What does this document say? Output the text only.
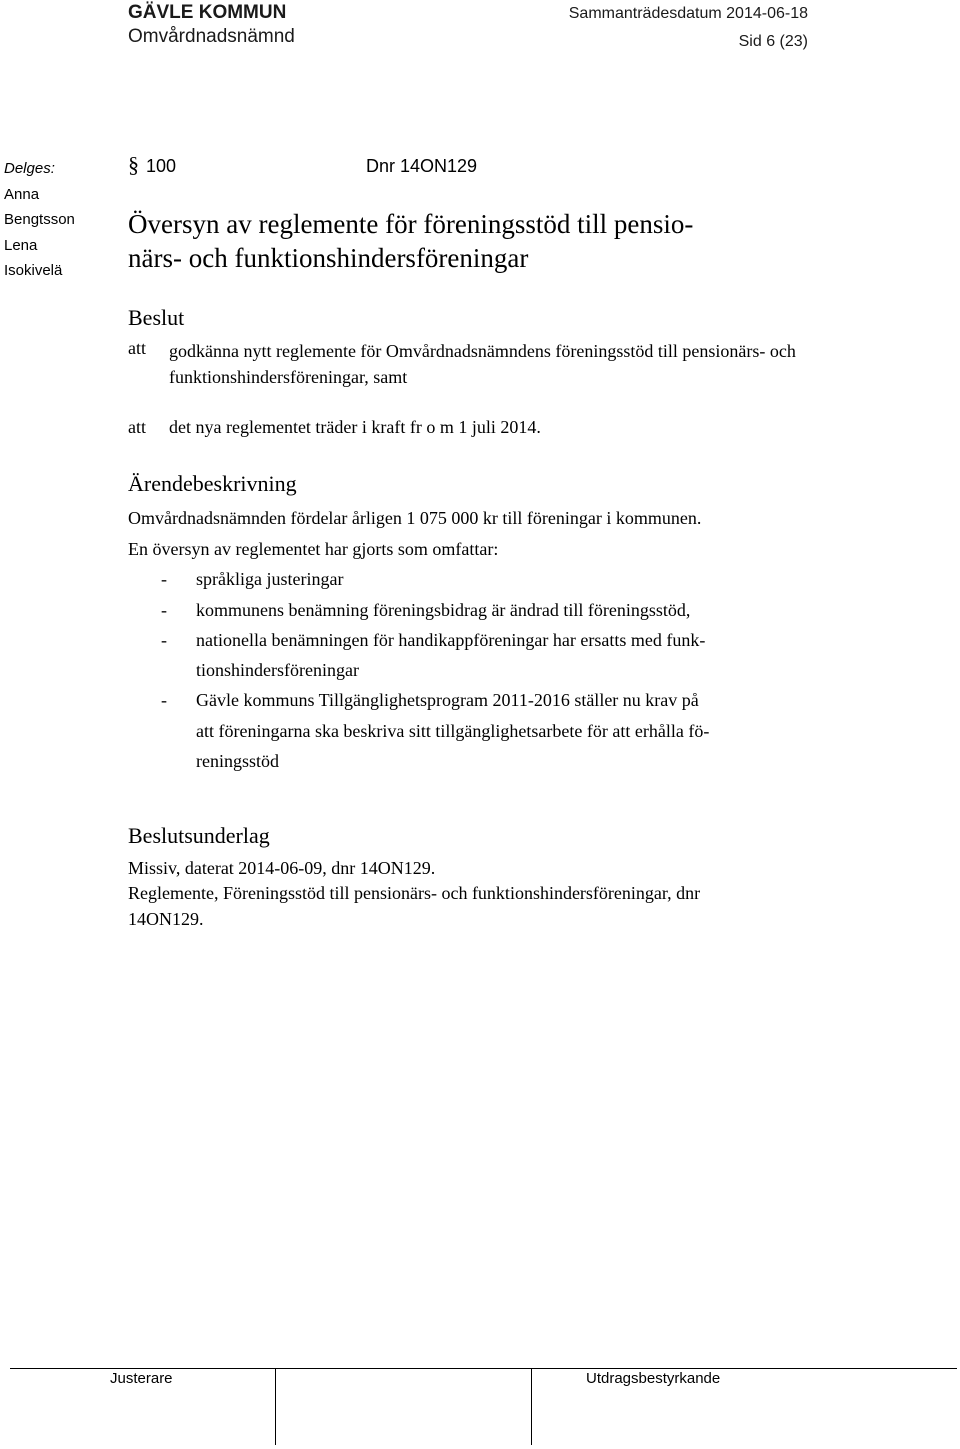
GÄVLE KOMMUN
Omvårdnadsnämnd
Sammanträdesdatum 2014-06-18
Sid 6 (23)
Delges:
Anna
Bengtsson
Lena
Isokivelä
§ 100	Dnr 14ON129
Översyn av reglemente för föreningsstöd till pensio-
närs- och funktionshindersföreningar
Beslut
att godkänna nytt reglemente för Omvårdnadsnämndens föreningsstöd till pensionärs- och funktionshindersföreningar, samt
att det nya reglementet träder i kraft fr o m 1 juli 2014.
Ärendebeskrivning
Omvårdnadsnämnden fördelar årligen 1 075 000 kr till föreningar i kommunen.
En översyn av reglementet har gjorts som omfattar:
- språkliga justeringar
- kommunens benämning föreningsbidrag är ändrad till föreningsstöd,
- nationella benämningen för handikappföreningar har ersatts med funk-
tionshindersföreningar
- Gävle kommuns Tillgänglighetsprogram 2011-2016 ställer nu krav på
att föreningarna ska beskriva sitt tillgänglighetsarbete för att erhålla fö-
reningsstöd
Beslutsunderlag
Missiv, daterat 2014-06-09, dnr 14ON129.
Reglemente, Föreningsstöd till pensionärs- och funktionshindersföreningar, dnr
14ON129.
Justerare	Utdragsbestyrkande
